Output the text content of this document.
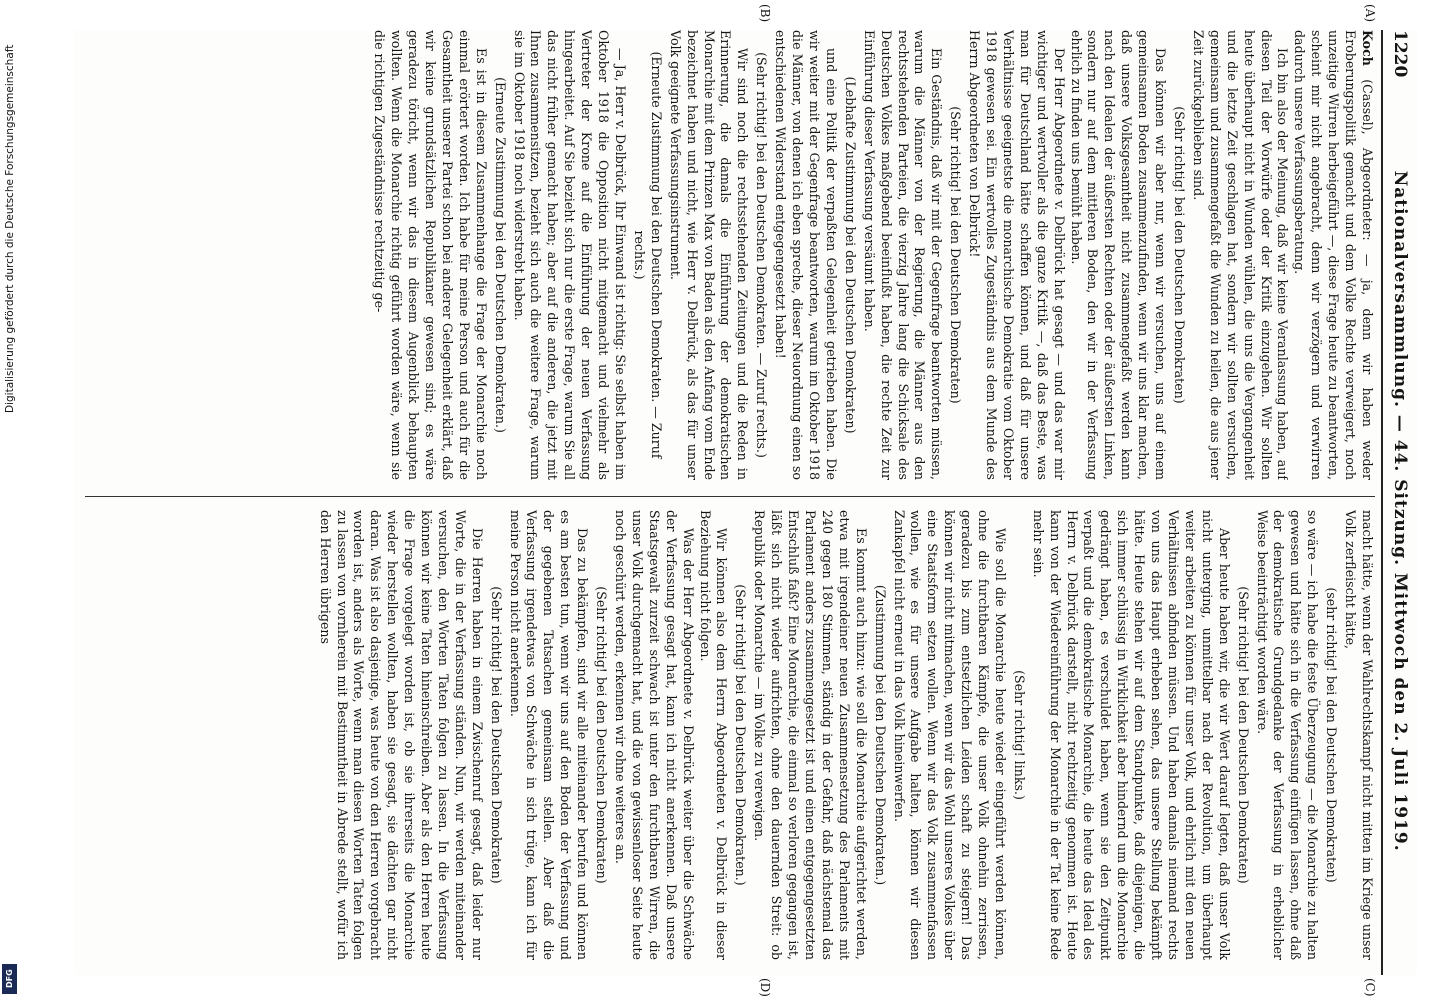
1220
Nationalversammlung. — 44. Sitzung. Mittwoch den 2. Juli 1919.
(A)
(B)
(C)
(D)

Koch (Cassel), Abgeordneter: — ja, denn wir haben weder Eroberungspolitik gemacht und dem Volke Rechte verweigert, noch unzeitige Wirren herbeigeführt —, diese Frage heute zu beantworten, scheint mir nicht angebracht, denn wir verzögern und verwirren dadurch unsere Verfassungsberatung.

Ich bin also der Meinung, daß wir keine Veranlassung haben, auf diesen Teil der Vorwürfe oder der Kritik einzugehen. Wir sollten heute überhaupt nicht in Wunden wühlen, die uns die Vergangenheit und die letzte Zeit geschlagen hat, sondern wir sollten versuchen, gemeinsam und zusammengefaßt die Wunden zu heilen, die aus jener Zeit zurückgeblieben sind.

(Sehr richtig! bei den Deutschen Demokraten)

Das können wir aber nur, wenn wir versuchen, uns auf einem gemeinsamen Boden zusammenzufinden, wenn wir uns klar machen, daß unsere Volksgesamtheit nicht zusammengefaßt werden kann nach den Idealen der äußersten Rechten oder der äußersten Linken, sondern nur auf dem mittleren Boden, den wir in der Verfassung ehrlich zu finden uns bemüht haben.

Der Herr Abgeordnete v. Delbrück hat gesagt — und das war mir wichtiger und wertvoller als die ganze Kritik —, daß das Beste, was man für Deutschland hätte schaffen können, und daß für unsere Verhältnisse geeignetste die monarchische Demokratie vom Oktober 1918 gewesen sei. Ein wertvolles Zugeständnis aus dem Munde des Herrn Abgeordneten von Delbrück!

(Sehr richtig! bei den Deutschen Demokraten)

Ein Geständnis, daß wir mit der Gegenfrage beantworten müssen, warum die Männer von der Regierung, die Männer aus den rechtsstehenden Parteien, die vierzig Jahre lang die Schicksale des Deutschen Volkes maßgebend beeinflußt haben, die rechte Zeit zur Einführung dieser Verfassung versäumt haben.

(Lebhafte Zustimmung bei den Deutschen Demokraten)

und eine Politik der verpaßten Gelegenheit getrieben haben. Die wir weiter mit der Gegenfrage beantworten, warum im Oktober 1918 die Männer, von denen ich eben spreche, dieser Neuordnung einen so entschiedenen Widerstand entgegengesetzt haben!

(Sehr richtig! bei den Deutschen Demokraten. — Zuruf rechts.)

Wir sind noch die rechtsstehenden Zeitungen und die Reden in Erinnerung, die damals die Einführung der demokratischen Monarchie mit dem Prinzen Max von Baden als den Anfang vom Ende bezeichnet haben und nicht, wie Herr v. Delbrück, als das für unser Volk geeignete Verfassungsinstrument.

(Erneute Zustimmung bei den Deutschen Demokraten. — Zuruf rechts.)

— Ja, Herr v. Delbrück, Ihr Einwand ist richtig: Sie selbst haben im Oktober 1918 die Opposition nicht mitgemacht und vielmehr als Vertreter der Krone auf die Einführung der neuen Verfassung hingearbeitet. Auf Sie bezieht sich nur die erste Frage, warum Sie all das nicht früher gemacht haben; aber auf die anderen, die jetzt mit Ihnen zusammensitzen, bezieht sich auch die weitere Frage, warum sie im Oktober 1918 noch widerstrebt haben.

(Erneute Zustimmung bei den Deutschen Demokraten.)

Es ist in diesem Zusammenhange die Frage der Monarchie noch einmal erörtert worden. Ich habe für meine Person und auch für die Gesamtheit unserer Partei schon bei anderer Gelegenheit erklärt, daß wir keine grundsätzlichen Republikaner gewesen sind; es wäre geradezu töricht, wenn wir das in diesem Augenblick behaupten wollten. Wenn die Monarchie richtig geführt worden wäre, wenn sie die richtigen Zugeständnisse rechtzeitig ge-

macht hätte, wenn der Wahlrechtskampf nicht mitten im Kriege unser Volk zerfleischt hätte,

(sehr richtig! bei den Deutschen Demokraten)

so wäre — ich habe die feste Überzeugung — die Monarchie zu halten gewesen und hätte sich in die Verfassung einfügen lassen, ohne daß der demokratische Grundgedanke der Verfassung in erheblicher Weise beeinträchtigt worden wäre.

(Sehr richtig! bei den Deutschen Demokraten)

Aber heute haben wir, die wir Wert darauf legten, daß unser Volk nicht unterging, unmittelbar nach der Revolution, um überhaupt weiter arbeiten zu können für unser Volk, und ehrlich mit den neuen Verhältnissen abfinden müssen. Und haben damals niemand rechts von uns das Haupt erheben sehen, das unsere Stellung bekämpft hätte. Heute stehen wir auf dem Standpunkte, daß diejenigen, die sich immer schlüssig in Wirklichkeit aber hindernd um die Monarchie gedrängt haben, es verschuldet haben, wenn sie den Zeitpunkt verpaßt und die demokratische Monarchie, die heute das Ideal des Herrn v. Delbrück darstellt, nicht rechtzeitig genommen ist. Heute kann von der Wiedereinführung der Monarchie in der Tat keine Rede mehr sein.

(Sehr richtig! links.)

Wie soll die Monarchie heute wieder eingeführt werden können, ohne die furchtbaren Kämpfe, die unser Volk ohnehin zerrissen, geradezu bis zum entsetzlichen Leiden schaft zu steigern! Das können wir nicht mitmachen, wenn wir das Wohl unseres Volkes über eine Staatsform setzen wollen. Wenn wir das Volk zusammenfassen wollen, wie es für unsere Aufgabe halten, können wir diesen Zankapfel nicht erneut in das Volk hineinwerfen.

(Zustimmung bei den Deutschen Demokraten.)

Es kommt auch hinzu: wie soll die Monarchie aufgerichtet werden, etwa mit irgendeiner neuen Zusammensetzung des Parlaments mit 240 gegen 180 Stimmen, ständig in der Gefahr, daß nächstemal das Parlament anders zusammengesetzt ist und einen entgegengesetzten Entschluß faßt? Eine Monarchie, die einmal so verloren gegangen ist, läßt sich nicht wieder aufrichten, ohne den dauernden Streit: ob Republik oder Monarchie — im Volke zu verewigen.

(Sehr richtig! bei den Deutschen Demokraten.)

Wir können also dem Herrn Abgeordneten v. Delbrück in dieser Beziehung nicht folgen.

Was der Herr Abgeordnete v. Delbrück weiter über die Schwäche der Verfassung gesagt hat, kann ich nicht anerkennen. Daß unsere Staatsgewalt zurzeit schwach ist unter den furchtbaren Wirren, die unser Volk durchgemacht hat, und die von gewissenloser Seite heute noch geschürt werden, erkennen wir ohne weiteres an.

(Sehr richtig! bei den Deutschen Demokraten)

Das zu bekämpfen, sind wir alle miteinander berufen und können es am besten tun, wenn wir uns auf den Boden der Verfassung und der gegebenen Tatsachen gemeinsam stellen. Aber daß die Verfassung irgendetwas von Schwäche in sich trüge, kann ich für meine Person nicht anerkennen.

(Sehr richtig! bei den Deutschen Demokraten)

Die Herren haben in einem Zwischenruf gesagt, daß leider nur Worte, die in der Verfassung ständen. Nun, wir werden miteinander versuchen, den Worten Taten folgen zu lassen. In die Verfassung können wir keine Taten hineinschreiben. Aber als den Herren heute die Frage vorgelegt worden ist, ob sie ihrerseits die Monarchie wieder herstellen wollten, haben sie gesagt, sie dächten gar nicht daran. Was ist also dasjenige, was heute von den Herren vorgebracht worden ist, anders als Worte, wenn man diesen Worten Taten folgen zu lassen von vornherein mit Bestimmtheit in Abrede stellt, wofür ich den Herren übrigens

Digitalisierung gefördert durch die Deutsche Forschungsgemeinschaft
DFG
